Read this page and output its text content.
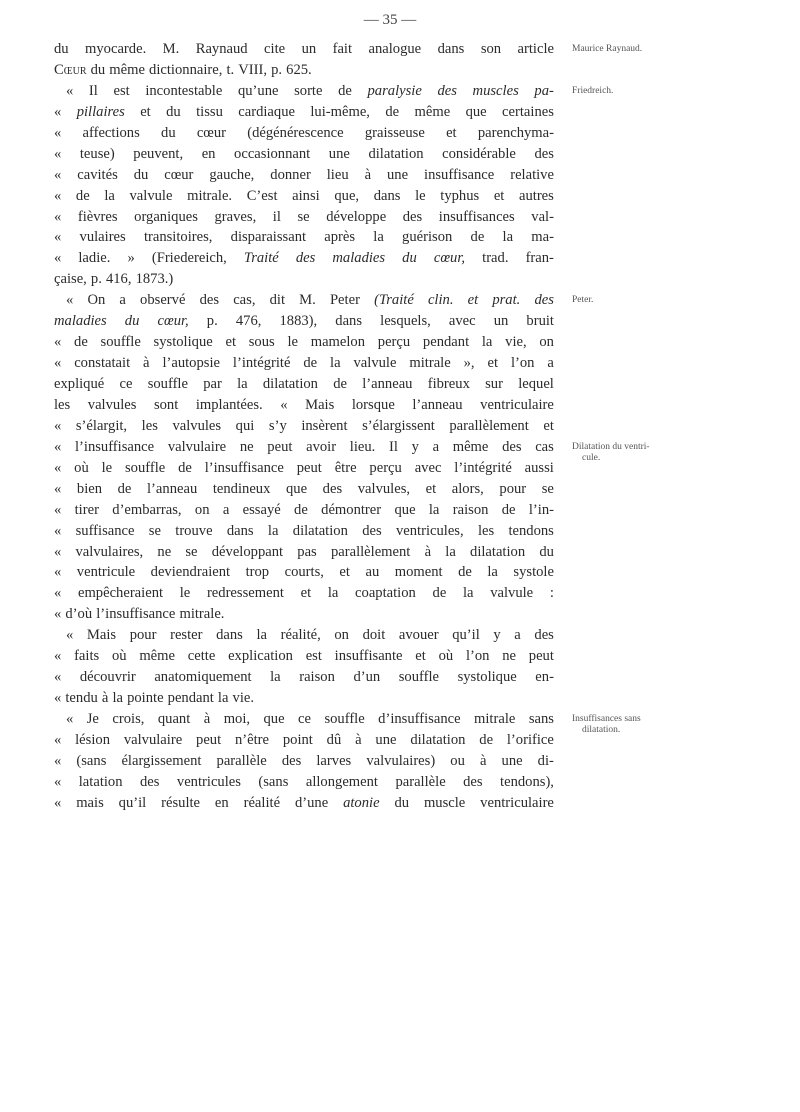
— 35 —
du myocarde. M. Raynaud cite un fait analogue dans son article
Cœur du même dictionnaire, t. VIII, p. 625.
« Il est incontestable qu’une sorte de paralysie des muscles pa-
« pillaires et du tissu cardiaque lui-même, de même que certaines
« affections du cœur (dégénérescence graisseuse et parenchyma-
« teuse) peuvent, en occasionnant une dilatation considérable des
« cavités du cœur gauche, donner lieu à une insuffisance relative
« de la valvule mitrale. C’est ainsi que, dans le typhus et autres
« fièvres organiques graves, il se développe des insuffisances val-
« vulaires transitoires, disparaissant après la guérison de la ma-
« ladie. » (Friedereich, Traité des maladies du cœur, trad. fran-
çaise, p. 416, 1873.)
« On a observé des cas, dit M. Peter (Traité clin. et prat. des
maladies du cœur, p. 476, 1883), dans lesquels, avec un bruit
« de souffle systolique et sous le mamelon perçu pendant la vie, on
« constatait à l’autopsie l’intégrité de la valvule mitrale », et l’on a
expliqué ce souffle par la dilatation de l’anneau fibreux sur lequel
les valvules sont implantées. « Mais lorsque l’anneau ventriculaire
« s’élargit, les valvules qui s’y insèrent s’élargissent parallèlement et
« l’insuffisance valvulaire ne peut avoir lieu. Il y a même des cas
« où le souffle de l’insuffisance peut être perçu avec l’intégrité aussi
« bien de l’anneau tendineux que des valvules, et alors, pour se
« tirer d’embarras, on a essayé de démontrer que la raison de l’in-
« suffisance se trouve dans la dilatation des ventricules, les tendons
« valvulaires, ne se développant pas parallèlement à la dilatation du
« ventricule deviendraient trop courts, et au moment de la systole
« empêcheraient le redressement et la coaptation de la valvule :
« d’où l’insuffisance mitrale.
« Mais pour rester dans la réalité, on doit avouer qu’il y a des
« faits où même cette explication est insuffisante et où l’on ne peut
« découvrir anatomiquement la raison d’un souffle systolique en-
« tendu à la pointe pendant la vie.
« Je crois, quant à moi, que ce souffle d’insuffisance mitrale sans
« lésion valvulaire peut n’être point dû à une dilatation de l’orifice
« (sans élargissement parallèle des larves valvulaires) ou à une di-
« latation des ventricules (sans allongement parallèle des tendons),
« mais qu’il résulte en réalité d’une atonie du muscle ventriculaire
Maurice Raynaud.
Friedreich.
Peter.
Dilatation du ventri-
cule.
Insuffisances sans
dilatation.
